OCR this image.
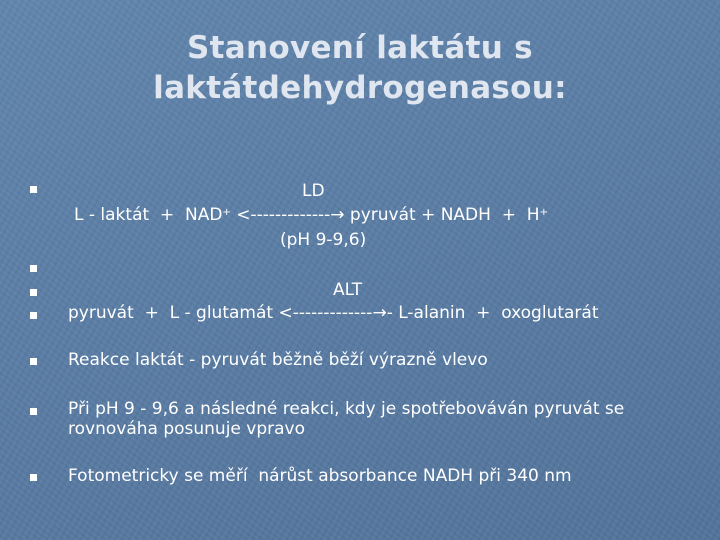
Stanovení laktátu s
laktátdehydrogenasou:
LD
L - laktát  +  NAD+ <-------------→ pyruvát + NADH  +  H+
(pH 9-9,6)
ALT
pyruvát  +  L - glutamát <-------------→- L-alanin  +  oxoglutarát
Reakce laktát - pyruvát běžně běží výrazně vlevo
Při pH 9 - 9,6 a následné reakci, kdy je spotřebováván pyruvát se
rovnováha posunuje vpravo
Fotometricky se měří  nárůst absorbance NADH při 340 nm
